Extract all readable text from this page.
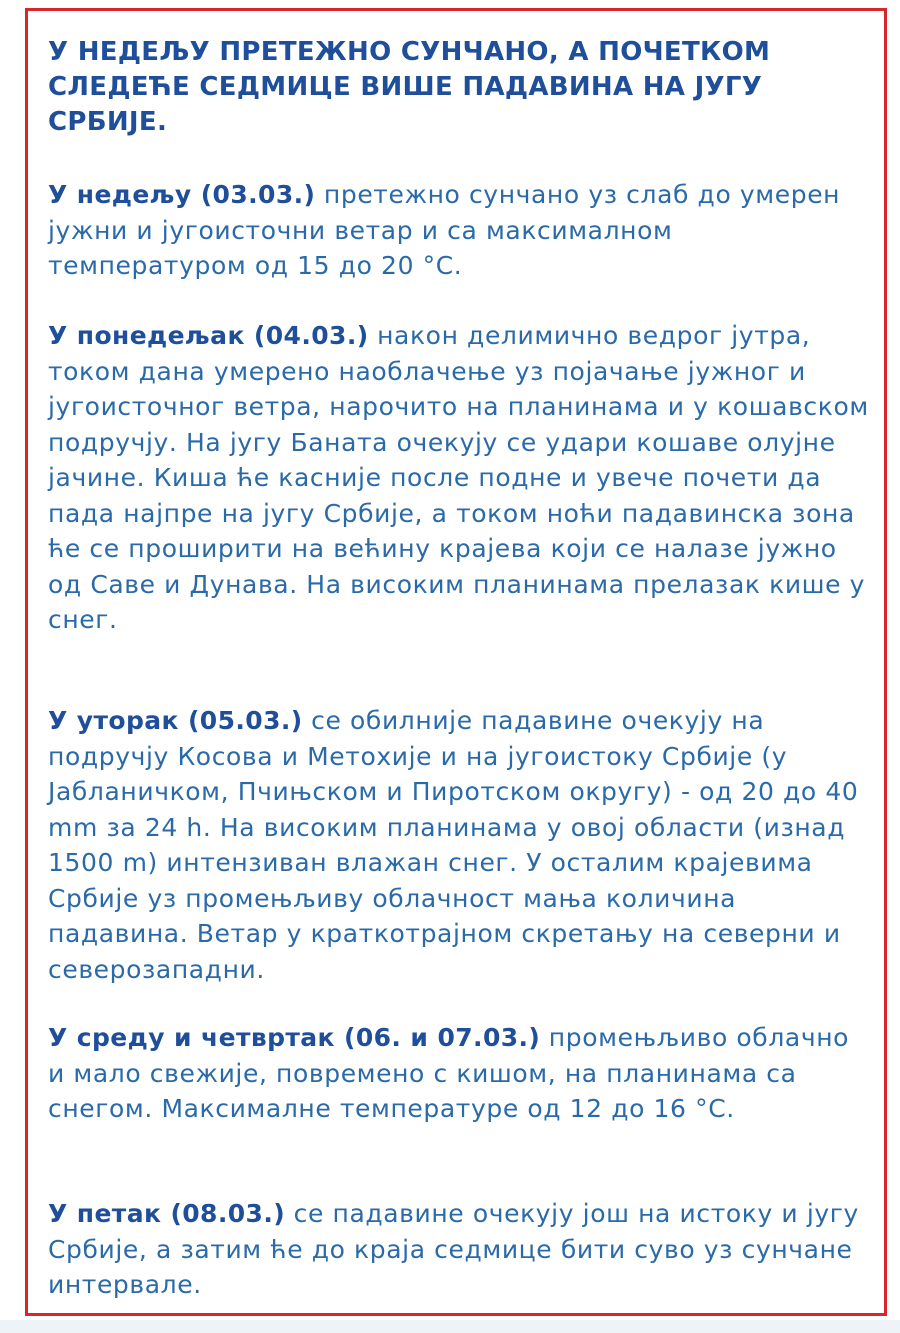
У НЕДЕЉУ ПРЕТЕЖНО СУНЧАНО, А ПОЧЕТКОМ СЛЕДЕЋЕ СЕДМИЦЕ ВИШЕ ПАДАВИНА НА ЈУГУ СРБИЈЕ.

У недељу (03.03.) претежно сунчано уз слаб до умерен јужни и југоисточни ветар и са максималном температуром од 15 до 20 °C.

У понедељак (04.03.) након делимично ведрог јутра, током дана умерено наоблачење уз појачање јужног и југоисточног ветра, нарочито на планинама и у кошавском подручју. На југу Баната очекују се удари кошаве олујне јачине. Киша ће касније после подне и увече почети да пада најпре на југу Србије, а током ноћи падавинска зона ће се проширити на већину крајева који се налазе јужно од Саве и Дунава. На високим планинама прелазак кише у снег.

У уторак (05.03.) се обилније падавине очекују на подручју Косова и Метохије и на југоистоку Србије (у Јабланичком, Пчињском и Пиротском округу) - од 20 до 40 mm за 24 h. На високим планинама у овој области (изнад 1500 m) интензиван влажан снег. У осталим крајевима Србије уз промењљиву облачност мања количина падавина. Ветар у краткотрајном скретању на северни и северозападни.

У среду и четвртак (06. и 07.03.) промењљиво облачно и мало свежије, повремено с кишом, на планинама са снегом. Максималне температуре од 12 до 16 °C.

У петак (08.03.) се падавине очекују још на истоку и југу Србије, а затим ће до краја седмице бити суво уз сунчане интервале.
